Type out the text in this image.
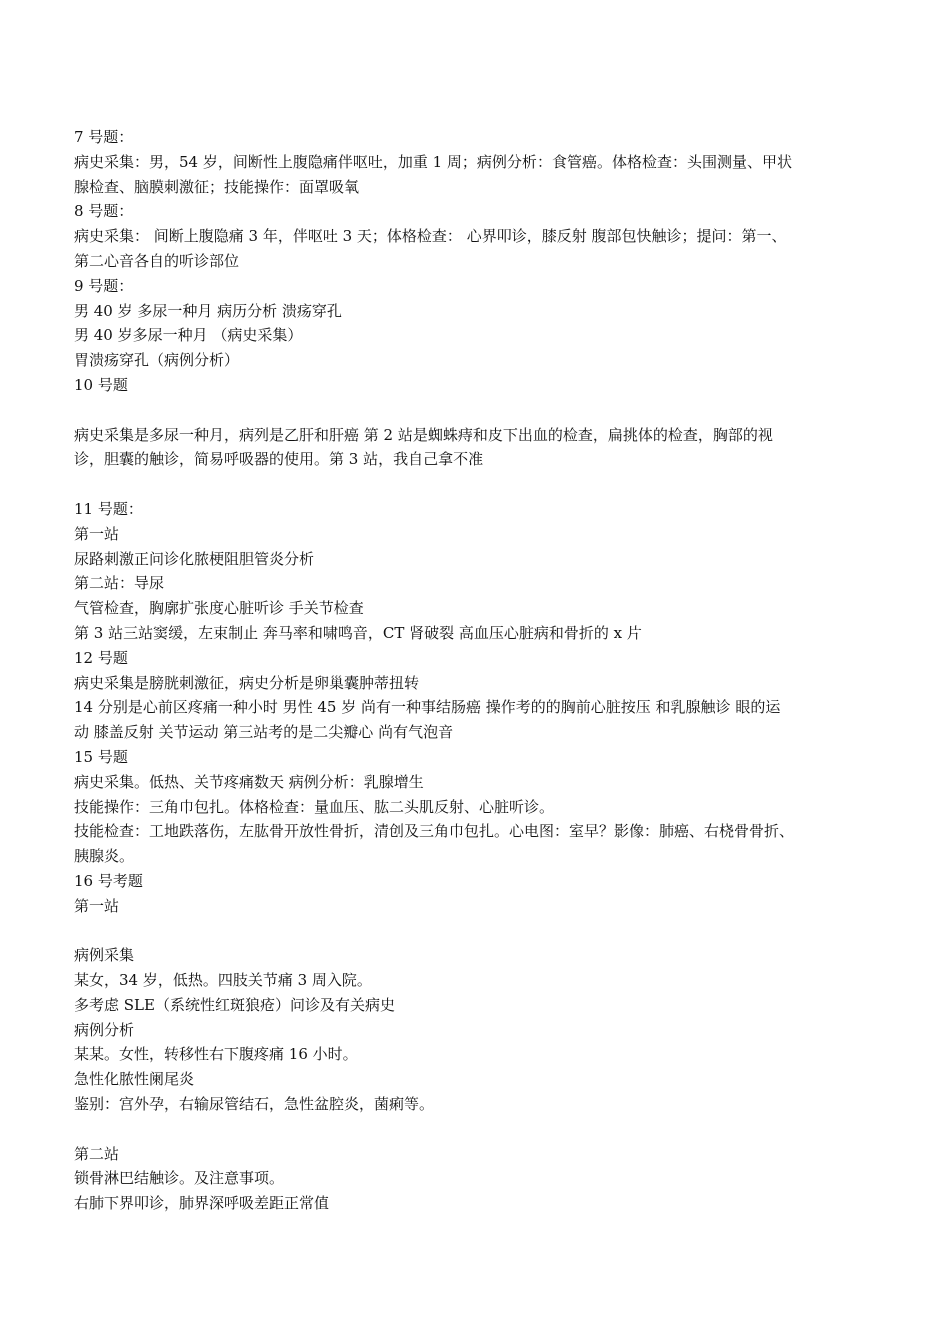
7 号题：
病史采集：男，54 岁，间断性上腹隐痛伴呕吐，加重 1 周；病例分析：食管癌。体格检查：头围测量、甲状
腺检查、脑膜刺激征；技能操作：面罩吸氧
8 号题：
病史采集： 间断上腹隐痛 3 年，伴呕吐 3 天；体格检查： 心界叩诊，膝反射 腹部包快触诊；提问：第一、
第二心音各自的听诊部位
9 号题：
男 40 岁 多尿一种月 病历分析 溃疡穿孔
男 40 岁多尿一种月 （病史采集）
胃溃疡穿孔（病例分析）
10 号题
病史采集是多尿一种月，病列是乙肝和肝癌 第 2 站是蜘蛛痔和皮下出血的检查，扁挑体的检查，胸部的视
诊，胆囊的触诊，简易呼吸器的使用。第 3 站，我自己拿不准
11 号题：
第一站
尿路刺激正问诊化脓梗阻胆管炎分析
第二站：导尿
气管检查，胸廓扩张度心脏听诊 手关节检查
第 3 站三站窦缓，左束制止 奔马率和啸鸣音，CT 肾破裂 高血压心脏病和骨折的 x 片
12 号题
病史采集是膀胱刺激征，病史分析是卵巢囊肿蒂扭转
14 分别是心前区疼痛一种小时 男性 45 岁 尚有一种事结肠癌 操作考的的胸前心脏按压 和乳腺触诊 眼的运
动 膝盖反射 关节运动 第三站考的是二尖瓣心 尚有气泡音
15 号题
病史采集。低热、关节疼痛数天 病例分析：乳腺增生
技能操作：三角巾包扎。体格检查：量血压、肱二头肌反射、心脏听诊。
技能检查：工地跌落伤，左肱骨开放性骨折，清创及三角巾包扎。心电图：室早？影像：肺癌、右桡骨骨折、
胰腺炎。
16 号考题
第一站
病例采集
某女，34 岁，低热。四肢关节痛 3 周入院。
多考虑 SLE（系统性红斑狼疮）问诊及有关病史
病例分析
某某。女性，转移性右下腹疼痛 16 小时。
急性化脓性阑尾炎
鉴别：宫外孕，右输尿管结石，急性盆腔炎，菌痢等。
第二站
锁骨淋巴结触诊。及注意事项。
右肺下界叩诊，肺界深呼吸差距正常值
